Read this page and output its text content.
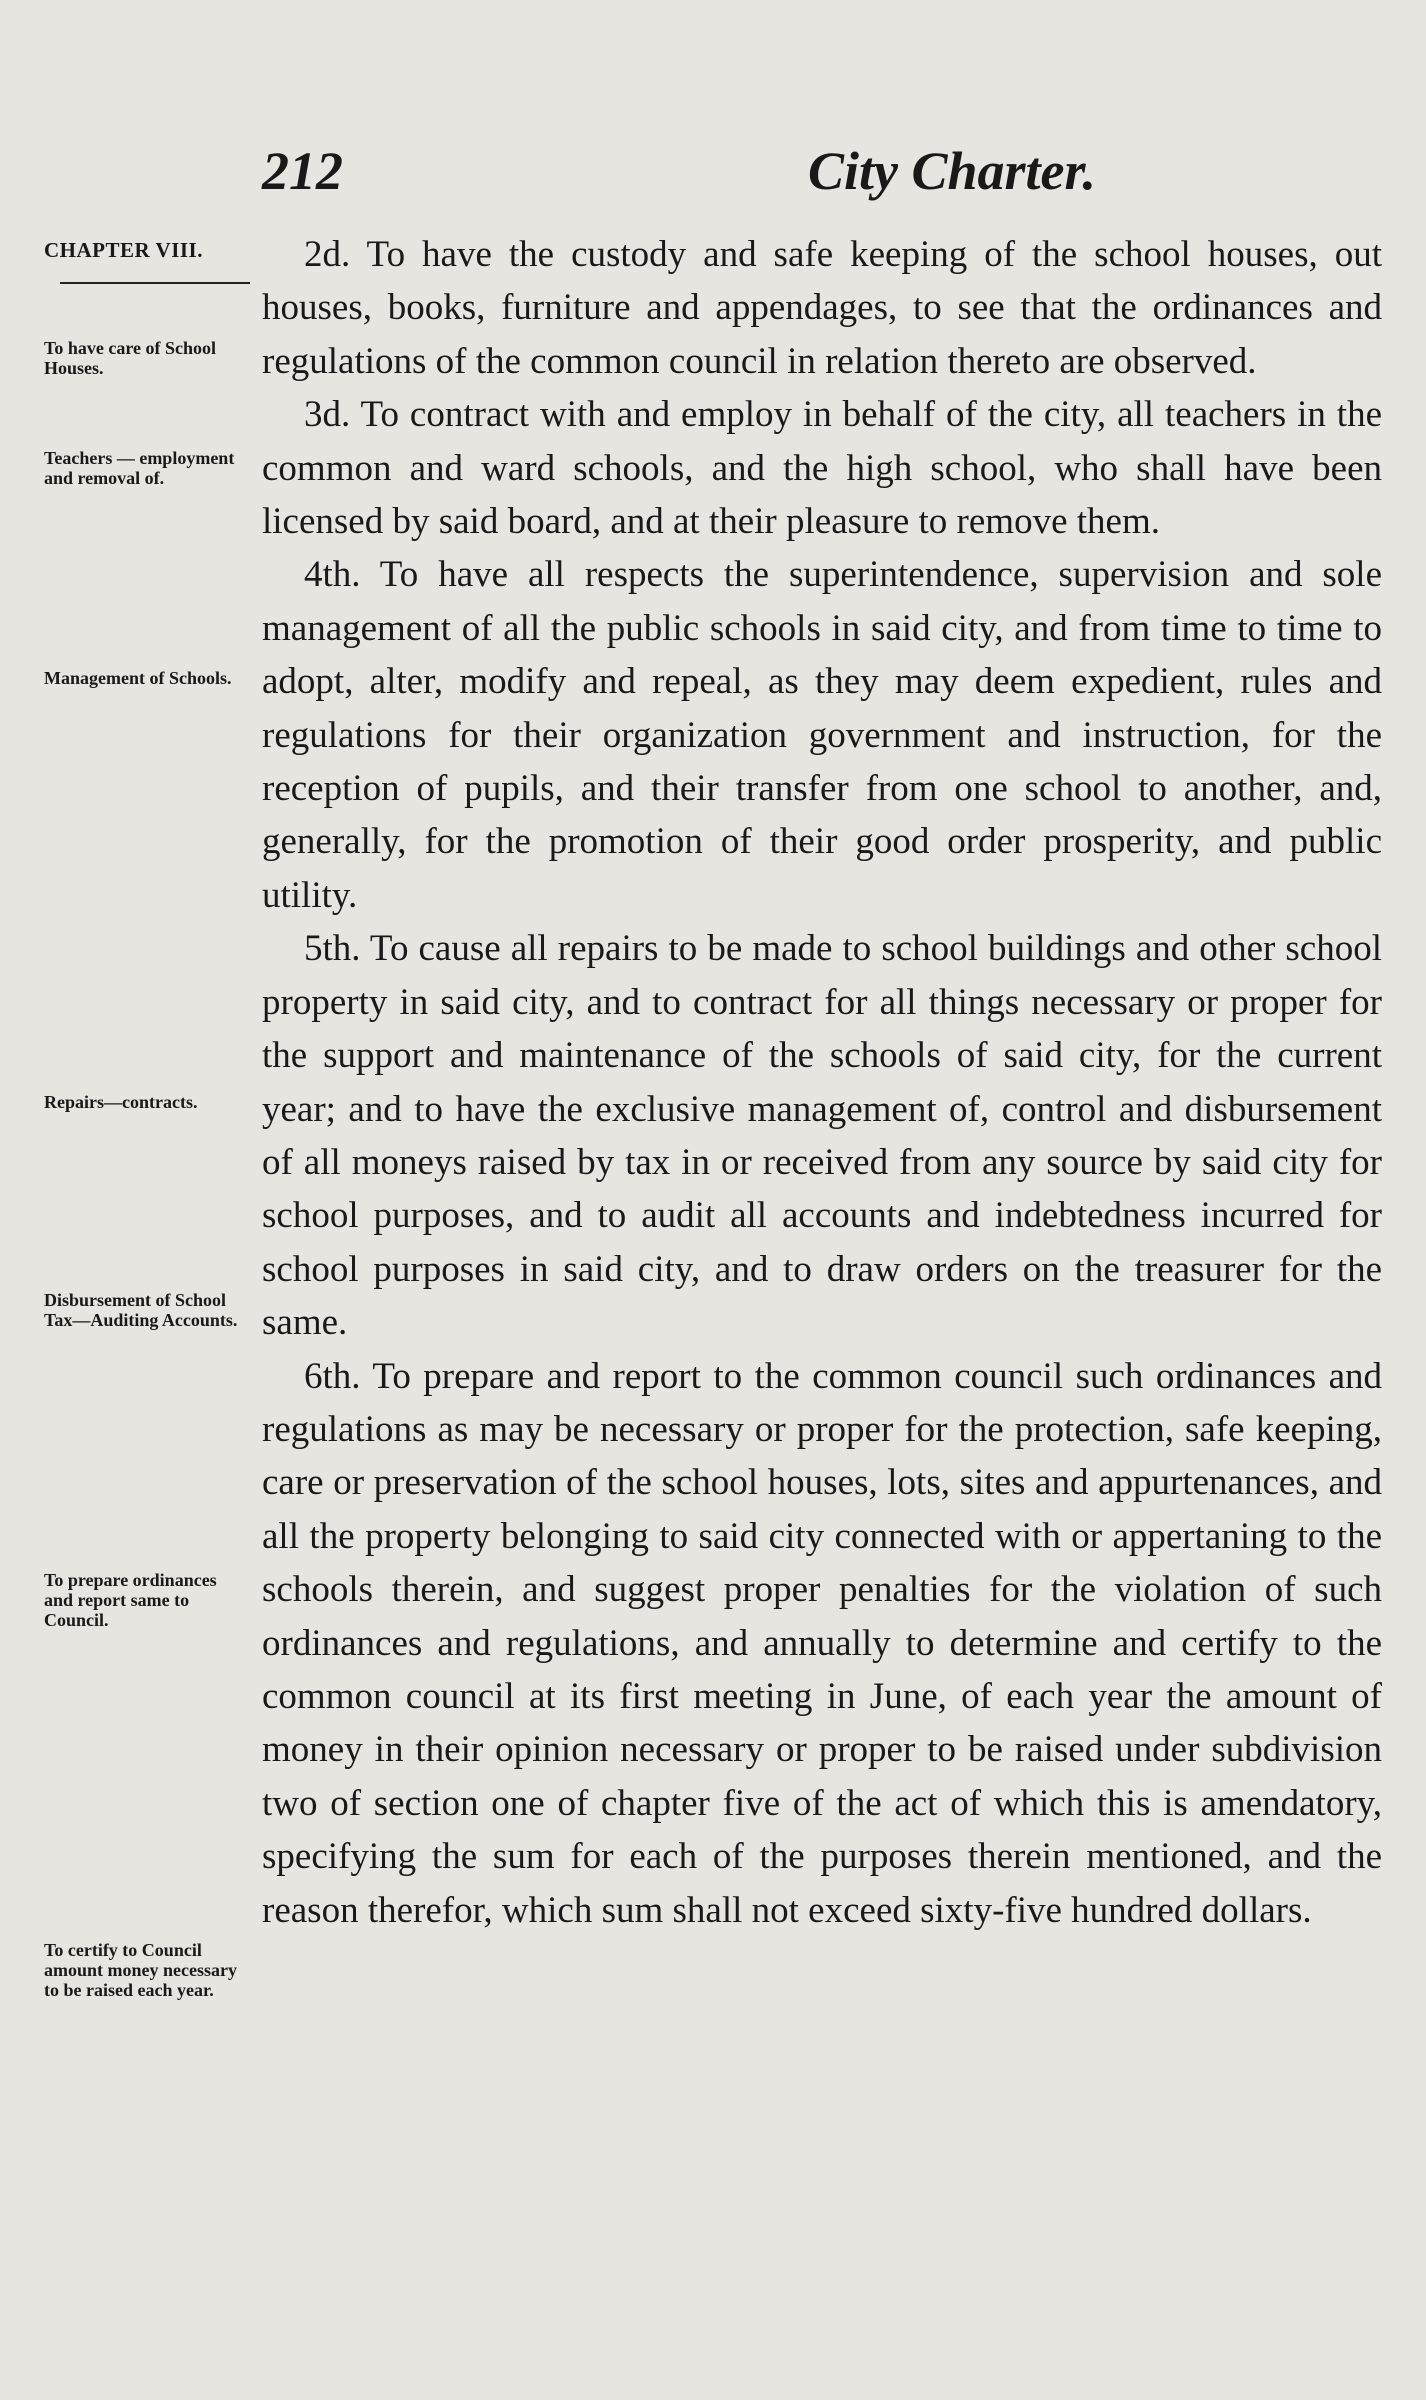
212	City Charter.
CHAPTER VIII.
To have care of School Houses.
Teachers — employment and removal of.
Management of Schools.
Repairs—contracts.
Disbursement of School Tax—Auditing Accounts.
To prepare ordinances and report same to Council.
To certify to Council amount money necessary to be raised each year.

2d. To have the custody and safe keeping of the school houses, out houses, books, furniture and appendages, to see that the ordinances and regulations of the common council in relation thereto are observed.

3d. To contract with and employ in behalf of the city, all teachers in the common and ward schools, and the high school, who shall have been licensed by said board, and at their pleasure to remove them.

4th. To have all respects the superintendence, supervision and sole management of all the public schools in said city, and from time to time to adopt, alter, modify and repeal, as they may deem expedient, rules and regulations for their organization government and instruction, for the reception of pupils, and their transfer from one school to another, and, generally, for the promotion of their good order prosperity, and public utility.

5th. To cause all repairs to be made to school buildings and other school property in said city, and to contract for all things necessary or proper for the support and maintenance of the schools of said city, for the current year; and to have the exclusive management of, control and disbursement of all moneys raised by tax in or received from any source by said city for school purposes, and to audit all accounts and indebtedness incurred for school purposes in said city, and to draw orders on the treasurer for the same.

6th. To prepare and report to the common council such ordinances and regulations as may be necessary or proper for the protection, safe keeping, care or preservation of the school houses, lots, sites and appurtenances, and all the property belonging to said city connected with or appertaning to the schools therein, and suggest proper penalties for the violation of such ordinances and regulations, and annually to determine and certify to the common council at its first meeting in June, of each year the amount of money in their opinion necessary or proper to be raised under subdivision two of section one of chapter five of the act of which this is amendatory, specifying the sum for each of the purposes therein mentioned, and the reason therefor, which sum shall not exceed sixty-five hundred dollars.
